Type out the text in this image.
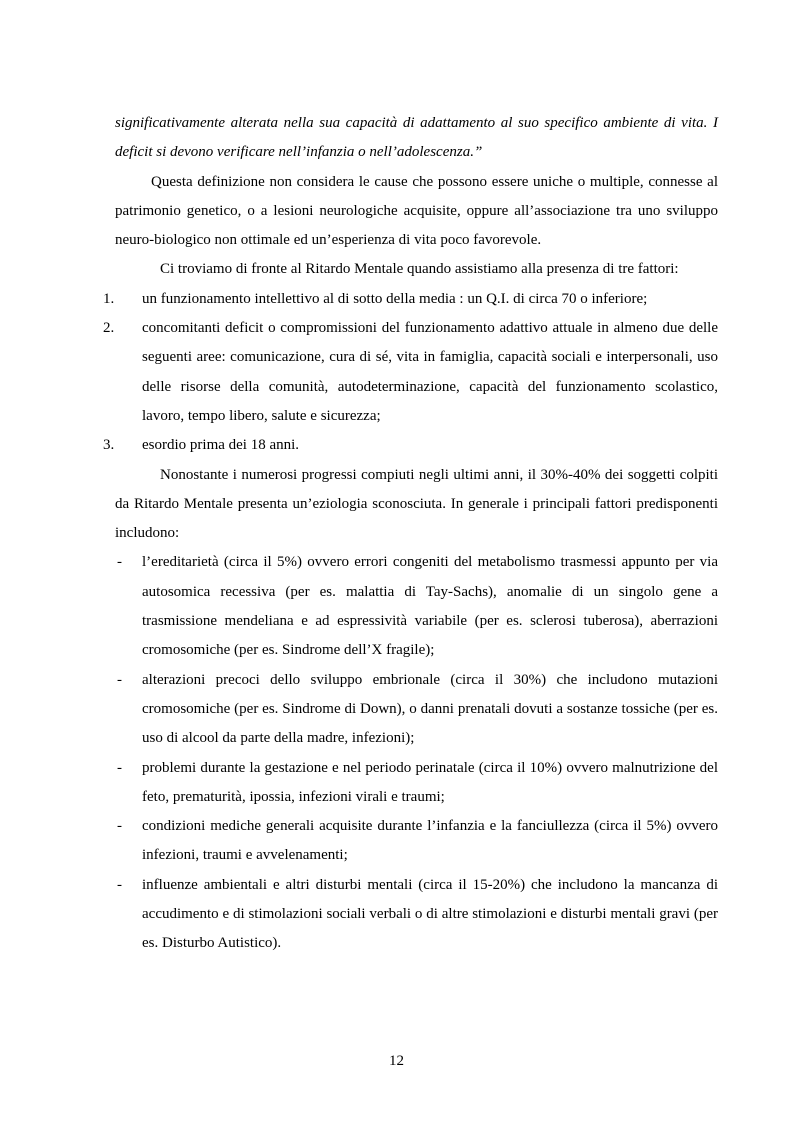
significativamente alterata nella sua capacità di adattamento al suo specifico ambiente di vita. I deficit si devono verificare nell’infanzia o nell’adolescenza.”

Questa definizione non considera le cause che possono essere uniche o multiple, connesse al patrimonio genetico, o a lesioni neurologiche acquisite, oppure all’associazione tra uno sviluppo neuro-biologico non ottimale ed un’esperienza di vita poco favorevole.

Ci troviamo di fronte al Ritardo Mentale quando assistiamo alla presenza di tre fattori:

1. un funzionamento intellettivo al di sotto della media : un Q.I. di circa 70 o inferiore;
2. concomitanti deficit o compromissioni del funzionamento adattivo attuale in almeno due delle seguenti aree: comunicazione, cura di sé, vita in famiglia, capacità sociali e interpersonali, uso delle risorse della comunità, autodeterminazione, capacità del funzionamento scolastico, lavoro, tempo libero, salute e sicurezza;
3. esordio prima dei 18 anni.

Nonostante i numerosi progressi compiuti negli ultimi anni, il 30%-40% dei soggetti colpiti da Ritardo Mentale presenta un’eziologia sconosciuta. In generale i principali fattori predisponenti includono:

- l’ereditarietà (circa il 5%) ovvero errori congeniti del metabolismo trasmessi appunto per via autosomica recessiva (per es. malattia di Tay-Sachs), anomalie di un singolo gene a trasmissione mendeliana e ad espressività variabile (per es. sclerosi tuberosa), aberrazioni cromosomiche (per es. Sindrome dell’X fragile);
- alterazioni precoci dello sviluppo embrionale (circa il 30%) che includono mutazioni cromosomiche (per es. Sindrome di Down), o danni prenatali dovuti a sostanze tossiche (per es. uso di alcool da parte della madre, infezioni);
- problemi durante la gestazione e nel periodo perinatale (circa il 10%) ovvero malnutrizione del feto, prematurità, ipossia, infezioni virali e traumi;
- condizioni mediche generali acquisite durante l’infanzia e la fanciullezza (circa il 5%) ovvero infezioni, traumi e avvelenamenti;
- influenze ambientali e altri disturbi mentali (circa il 15-20%) che includono la mancanza di accudimento e di stimolazioni sociali verbali o di altre stimolazioni e disturbi mentali gravi (per es. Disturbo Autistico).
12
